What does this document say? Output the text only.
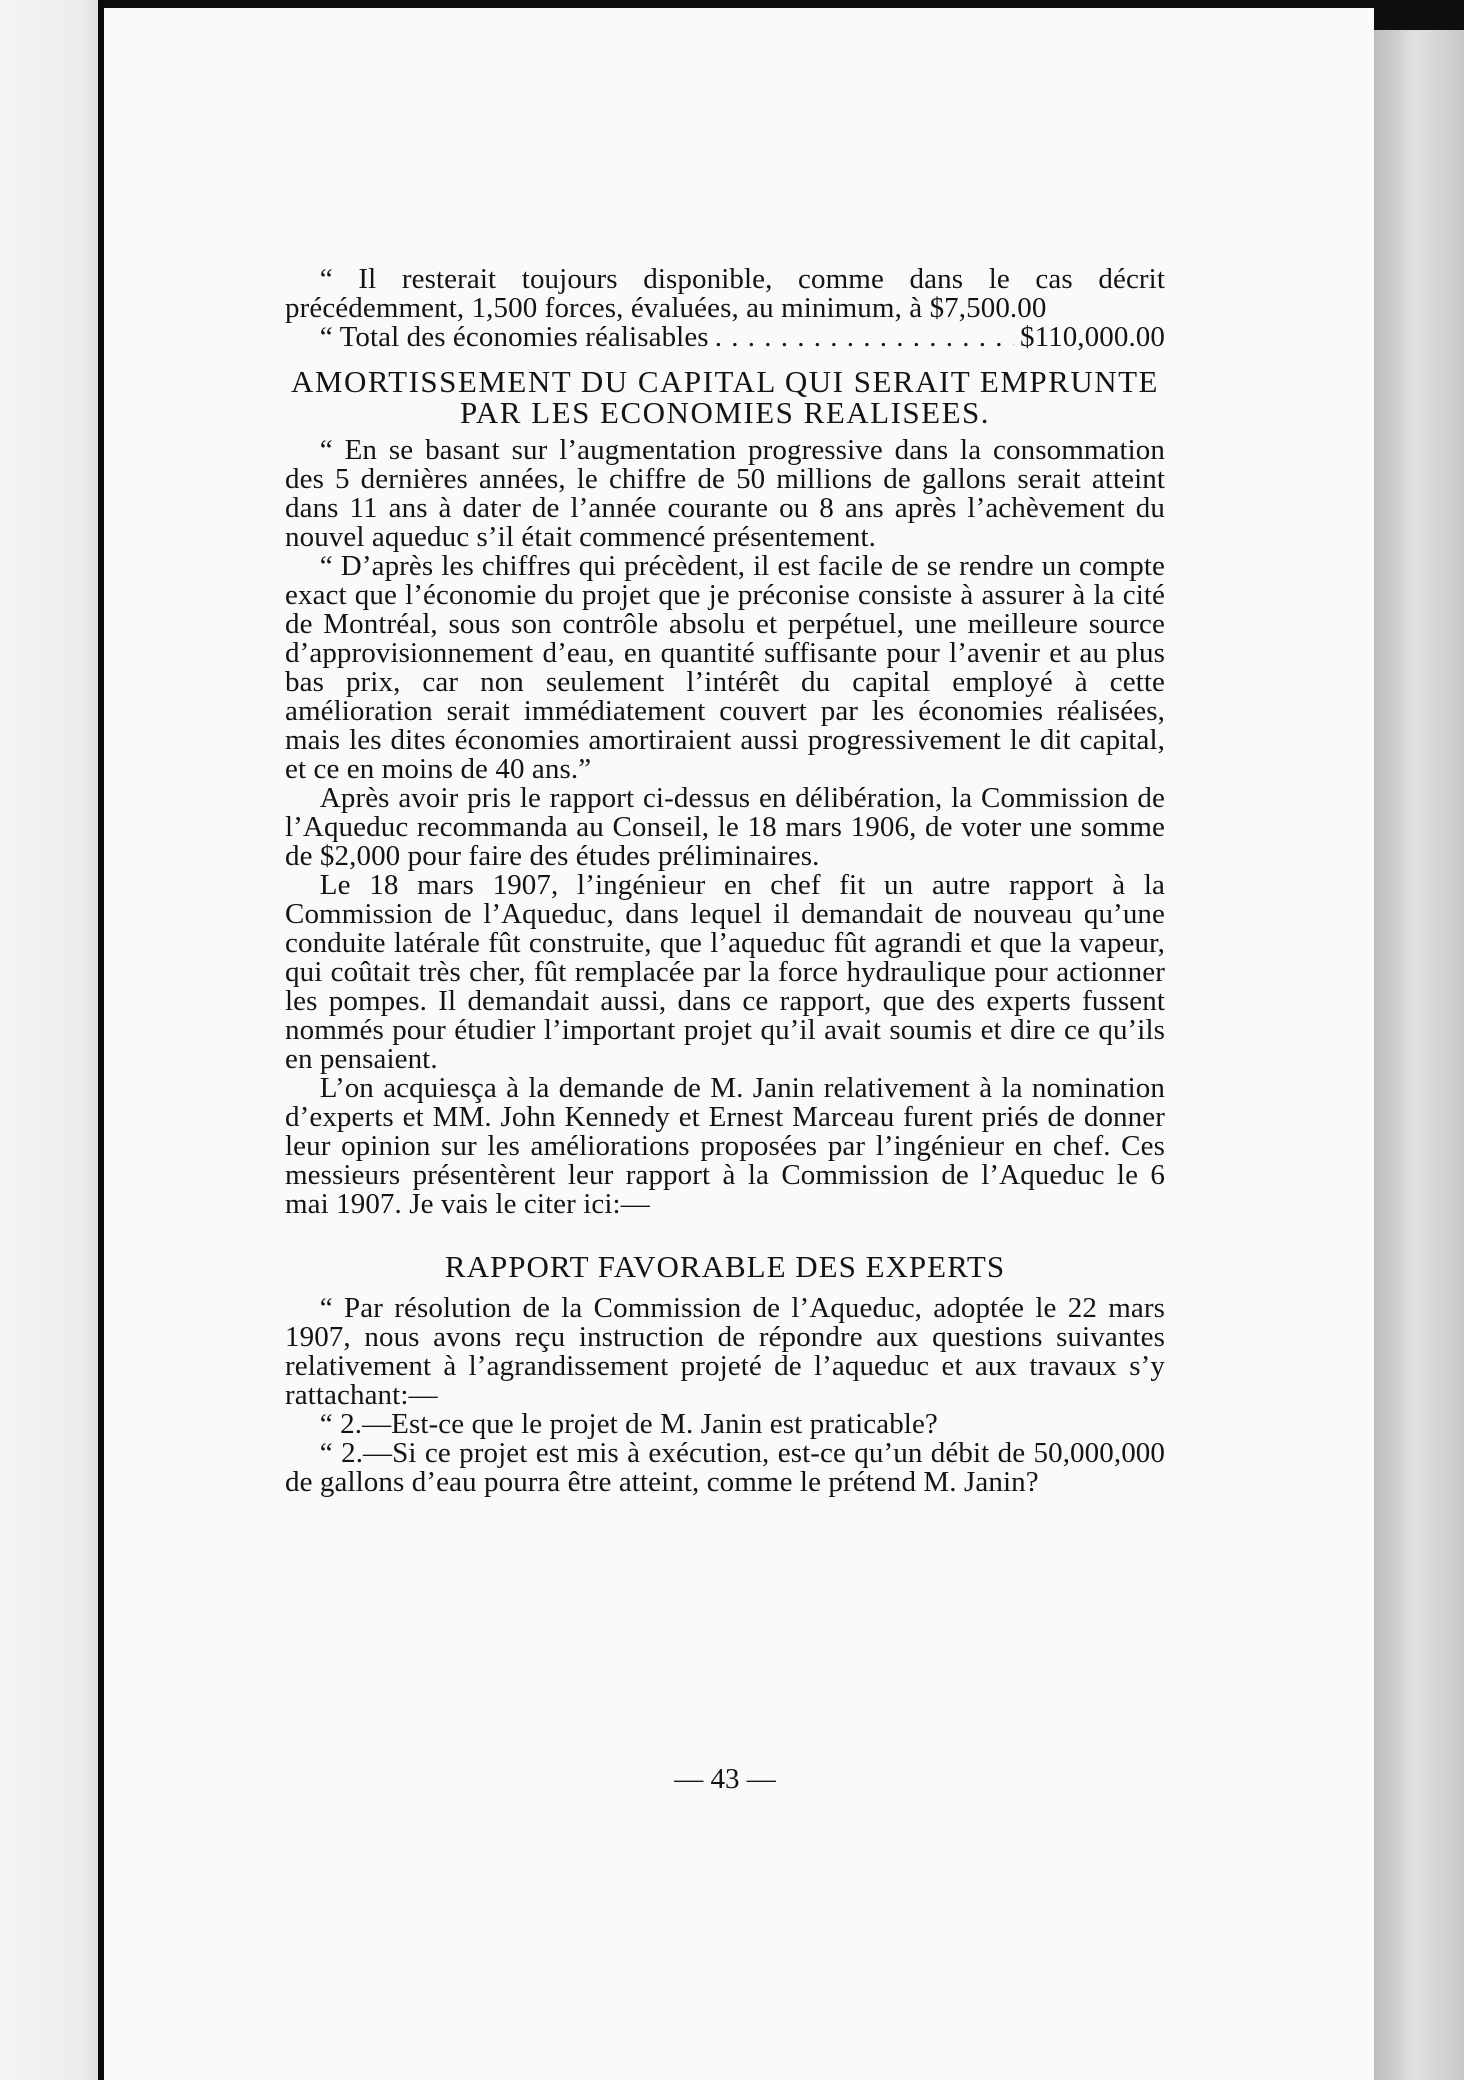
“ Il resterait toujours disponible, comme dans le cas décrit précédemment, 1,500 forces, évaluées, au minimum, à $7,500.00

“ Total des économies réalisables
. . .	$110,000.00
AMORTISSEMENT DU CAPITAL QUI SERAIT EMPRUNTE PAR LES ECONOMIES REALISEES.

“ En se basant sur l’augmentation progressive dans la consommation des 5 dernières années, le chiffre de 50 millions de gallons serait atteint dans 11 ans à dater de l’année courante ou 8 ans après l’achèvement du nouvel aqueduc s’il était commencé présentement.

“ D’après les chiffres qui précèdent, il est facile de se rendre un compte exact que l’économie du projet que je préconise consiste à assurer à la cité de Montréal, sous son contrôle absolu et perpétuel, une meilleure source d’approvisionnement d’eau, en quantité suffisante pour l’avenir et au plus bas prix, car non seulement l’intérêt du capital employé à cette amélioration serait immédiatement couvert par les économies réalisées, mais les dites économies amortiraient aussi progressivement le dit capital, et ce en moins de 40 ans.”

Après avoir pris le rapport ci-dessus en délibération, la Commission de l’Aqueduc recommanda au Conseil, le 18 mars 1906, de voter une somme de $2,000 pour faire des études préliminaires.

Le 18 mars 1907, l’ingénieur en chef fit un autre rapport à la Commission de l’Aqueduc, dans lequel il demandait de nouveau qu’une conduite latérale fût construite, que l’aqueduc fût agrandi et que la vapeur, qui coûtait très cher, fût remplacée par la force hydraulique pour actionner les pompes. Il demandait aussi, dans ce rapport, que des experts fussent nommés pour étudier l’important projet qu’il avait soumis et dire ce qu’ils en pensaient.

L’on acquiesça à la demande de M. Janin relativement à la nomination d’experts et MM. John Kennedy et Ernest Marceau furent priés de donner leur opinion sur les améliorations proposées par l’ingénieur en chef. Ces messieurs présentèrent leur rapport à la Commission de l’Aqueduc le 6 mai 1907. Je vais le citer ici:—

RAPPORT FAVORABLE DES EXPERTS

“ Par résolution de la Commission de l’Aqueduc, adoptée le 22 mars 1907, nous avons reçu instruction de répondre aux questions suivantes relativement à l’agrandissement projeté de l’aqueduc et aux travaux s’y rattachant:—

“ 2.—Est-ce que le projet de M. Janin est praticable?

“ 2.—Si ce projet est mis à exécution, est-ce qu’un débit de 50,000,000 de gallons d’eau pourra être atteint, comme le prétend M. Janin?

— 43 —
